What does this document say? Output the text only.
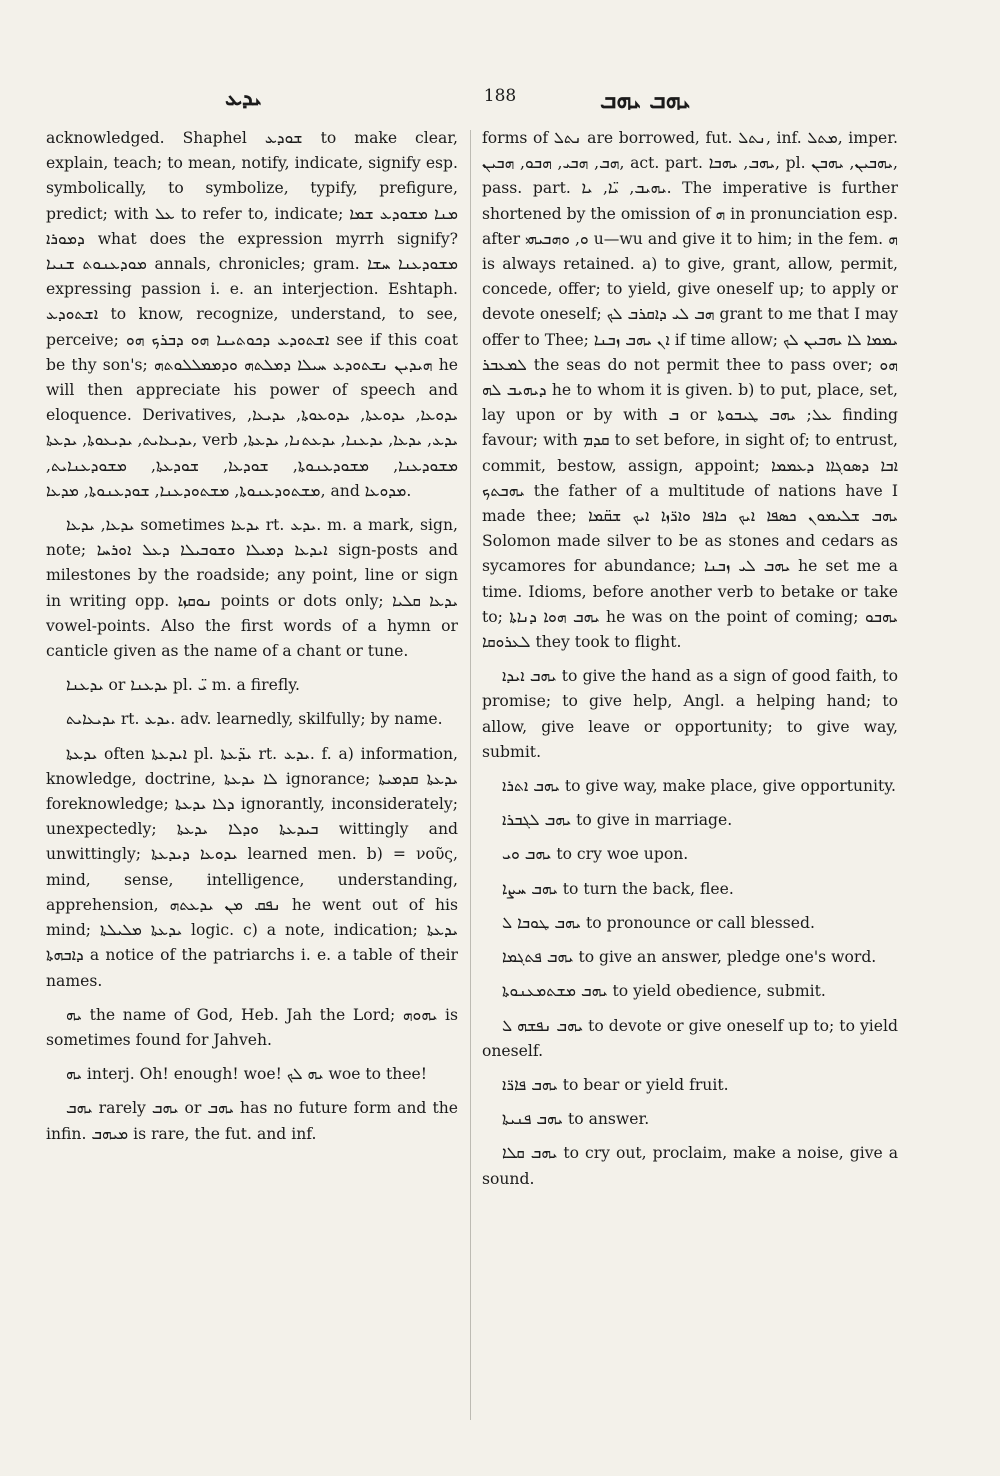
ܝܕܥ	188	ܝܗܒ ܝܗܒ

acknowledged. Shaphel ܫܘܕܥ to make clear, explain, teach; to mean, notify, indicate, signify esp. symbolically, to symbolize, typify, prefigure, predict; with ܥܠ to refer to, indicate; ܡܢܐ ܡܫܘܕܥ ܫܡܐ ܕܡܘܪܐ what does the expression myrrh signify? ܡܘܕܥܢܘܬ ܫܢܝܐ annals, chronicles; gram. ܡܫܘܕܥܢܐ ܚܫܐ expressing passion i. e. an interjection. Eshtaph. ܐܫܬܘܕܥ to know, recognize, understand, to see, perceive; ܐܫܬܘܕܥ ܕܟܘܬܝܢܐ ܗܘ ܕܒܪܟ ܗܘ see if this coat be thy son's; ܗܝܕܝܢ ܢܫܬܘܕܥ ܚܝܠܐ ܕܡܠܬܗ ܘܕܡܡܠܠܘܬܗ he will then appreciate his power of speech and eloquence. Derivatives, ܝܕܘܥܐ, ܝܕܘܥܬܐ, ܝܕܘܥܘܬܐ, ܝܕܝܥܐ, ܝܕܝܥܐܝܬ, ܝܕܝܥܘܬܐ, ܝܕܥܬܐ, verb ܝܕܥ, ܝܕܥܐ, ܝܕܥܢܐ, ܝܕܥܬܢܐ, ܝܕܥܬܐ, ܡܫܘܕܥܢܐ, ܡܫܘܕܥܢܘܬܐ, ܫܘܕܥܐ, ܫܘܕܥܬܐ, ܡܫܘܕܥܢܐܝܬ, ܡܫܬܘܕܥܢܘܬܐ, ܡܫܬܘܕܥܢܐ, ܫܘܕܥܢܘܬܐ, ܡܕܥܐ, and ܡܕܘܥܐ.

ܝܕܥܐ, ܝܕܥܐ sometimes ܝܕܥܐ rt. ܝܕܥ. m. a mark, sign, note; ܐܝܕܥܐ ܕܡܝܠܐ ܘܫܘܒܝܠܐ ܕܥܠ ܐܘܪܚܐ sign-posts and milestones by the roadside; any point, line or sign in writing opp. ܢܘܩܙܐ points or dots only; ܝܕܥܐ ܩܠܝܐ vowel-points. Also the first words of a hymn or canticle given as the name of a chant or tune.

ܝܕܥܢܐ or ܝܕܥܢܐ pl. ܝ̈ m. a firefly.

ܝܕܝܥܐܝܬ rt. ܝܕܥ. adv. learnedly, skilfully; by name.

ܝܕܥܬܐ often ܐܝܕܥܬܐ pl. ܝܕ̈ܥܬܐ rt. ܝܕܥ. f. a) information, knowledge, doctrine, ܠܐ ܝܕܥܬܐ ignorance; ܝܕܥܬܐ ܩܕܡܝܬܐ foreknowledge; ܕܠܐ ܝܕܥܬܐ ignorantly, inconsiderately; unexpectedly; ܒܝܕܥܬܐ ܘܕܠܐ ܝܕܥܬܐ wittingly and unwittingly; ܝܕܘܥܐ ܕܝܕܥܬܐ learned men. b) = νοῦς, mind, sense, intelligence, understanding, apprehension, ܢܦܩ ܡܢ ܝܕܥܬܗ he went out of his mind; ܝܕܥܬܐ ܡܠܝܠܬܐ logic. c) a note, indication; ܝܕܥܬܐ ܕܐܒܗܬܐ a notice of the patriarchs i. e. a table of their names.

ܝܗ the name of God, Heb. Jah the Lord; ܝܗܘܗ is sometimes found for Jahveh.

ܝܗ interj. Oh! enough! woe! ܝܗ ܠܟ woe to thee!

ܝܗܒ rarely ܝܗܒ or ܝܗܒ has no future form and the infin. ܡܝܗܒ is rare, the fut. and inf.

forms of ܢܬܠ are borrowed, fut. ܢܬܠ, inf. ܡܬܠ, imper. ܗܒ, ܗܒܝ, ܗܒܘ, ܗܒܝܢ, act. part. ܝܗܒ, ܝܗܒܐ, pl. ܝܗܒܝܢ, ܝܗܒܢ, pass. part. ܝܗܝܒ, ܝ̈ܐ, ܝܐ. The imperative is further shortened by the omission of ܗ in pronunciation esp. after ܘ, ܘܗܒܝܗܝ u—wu and give it to him; in the fem. ܗ is always retained. a) to give, grant, allow, permit, concede, offer; to yield, give oneself up; to apply or devote oneself; ܗܒ ܠܝ ܕܐܩܪܒ ܠܟ grant to me that I may offer to Thee; ܐܢ ܝܗܒ ܙܒܢܐ if time allow; ܝܡܡܐ ܠܐ ܝܗܒܝܢ ܠܟ ܠܡܥܒܪ the seas do not permit thee to pass over; ܗܘ ܕܝܗܝܒ ܠܗ he to whom it is given. b) to put, place, set, lay upon or by with ܒ or ܥܠ; ܝܗܒ ܛܝܒܘܬܐ finding favour; with ܩܕܡ to set before, in sight of; to entrust, commit, bestow, assign, appoint; ܐܒܐ ܕܣܘܓܐܐ ܕܥܡܡܐ ܝܗܒܬܟ the father of a multitude of nations have I made thee; ܝܗܒ ܫܠܝܡܘܢ ܟܣܦܐ ܐܝܟ ܟܐܦܐ ܘܐܪ̈ܙܐ ܐܝܟ ܫܩ̈ܡܐ Solomon made silver to be as stones and cedars as sycamores for abundance; ܝܗܒ ܠܝ ܙܒܢܐ he set me a time. Idioms, before another verb to betake or take to; ܝܗܒ ܗܘܐ ܕܢܐܬܐ he was on the point of coming; ܝܗܒܘ ܠܥܪܘܩܐ they took to flight.

ܝܗܒ ܐܝܕܐ to give the hand as a sign of good faith, to promise; to give help, Angl. a helping hand; to allow, give leave or opportunity; to give way, submit.

ܝܗܒ ܐܬܪܐ to give way, make place, give opportunity.

ܝܗܒ ܠܓܒܪܐ to give in marriage.

ܝܗܒ ܘܝ to cry woe upon.

ܝܗܒ ܚܨܐ to turn the back, flee.

ܝܗܒ ܛܘܒܐ ܠ to pronounce or call blessed.

ܝܗܒ ܦܬܓܡܐ to give an answer, pledge one's word.

ܝܗܒ ܡܫܬܡܥܢܘܬܐ to yield obedience, submit.

ܝܗܒ ܢܦܫܗ ܠ to devote or give oneself up to; to yield oneself.

ܝܗܒ ܦܐܪ̈ܐ to bear or yield fruit.

ܝܗܒ ܦܢܝܬܐ to answer.

ܝܗܒ ܩܠܐ to cry out, proclaim, make a noise, give a sound.
